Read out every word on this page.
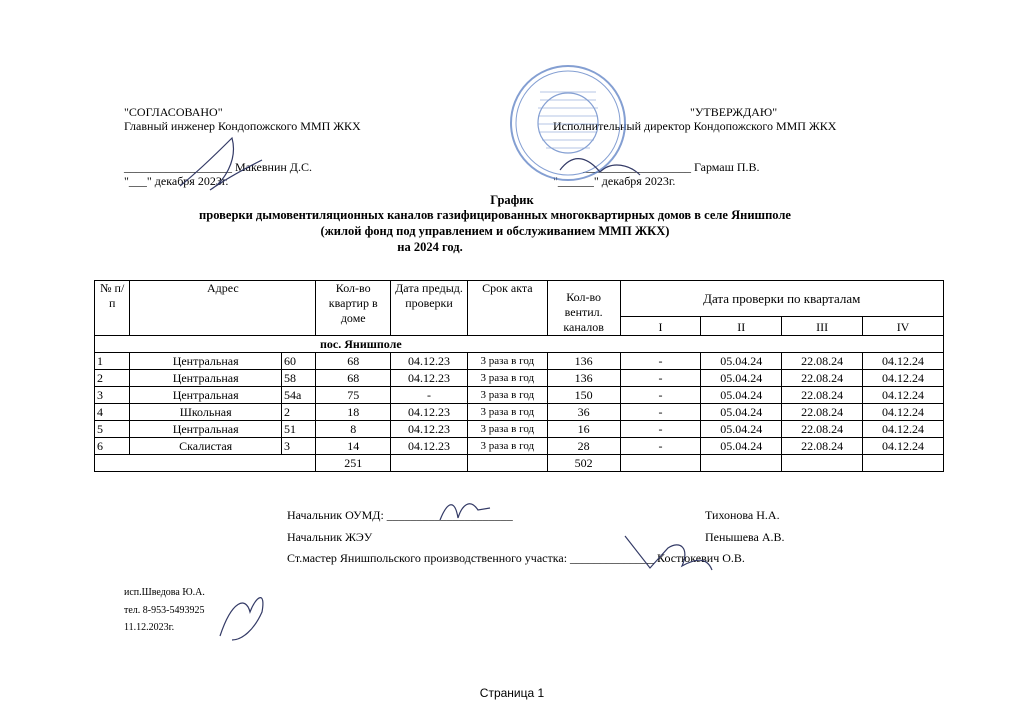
"СОГЛАСОВАНО"
Главный инженер Кондопожского ММП ЖКХ
__________________ Макевнин Д.С.
"___" декабря 2023г.
"УТВЕРЖДАЮ"
Исполнительный директор Кондопожского ММП ЖКХ
__________________ Гармаш П.В.
"______" декабря 2023г.
График
проверки дымовентиляционных каналов газифицированных многоквартирных домов в селе Янишполе
(жилой фонд под управлением и обслуживанием ММП ЖКХ)
на 2024 год.
№ п/п	Адрес		Кол-во квартир в доме	Дата предыд. проверки	Срок акта	Кол-во вентил. каналов	Дата проверки по кварталам			
							I	II	III	IV
пос. Янишполе										
1	Центральная	60	68	04.12.23	3 раза в год	136	-	05.04.24	22.08.24	04.12.24
2	Центральная	58	68	04.12.23	3 раза в год	136	-	05.04.24	22.08.24	04.12.24
3	Центральная	54а	75	-	3 раза в год	150	-	05.04.24	22.08.24	04.12.24
4	Школьная	2	18	04.12.23	3 раза в год	36	-	05.04.24	22.08.24	04.12.24
5	Центральная	51	8	04.12.23	3 раза в год	16	-	05.04.24	22.08.24	04.12.24
6	Скалистая	3	14	04.12.23	3 раза в год	28	-	05.04.24	22.08.24	04.12.24
			251			502				
Начальник ОУМД: _____________________	Тихонова Н.А.
Начальник ЖЭУ	Пенышева А.В.
Ст.мастер Янишпольского производственного участка: ______________ Костюкевич О.В.
исп.Шведова Ю.А.
тел. 8-953-5493925
11.12.2023г.
Страница 1
